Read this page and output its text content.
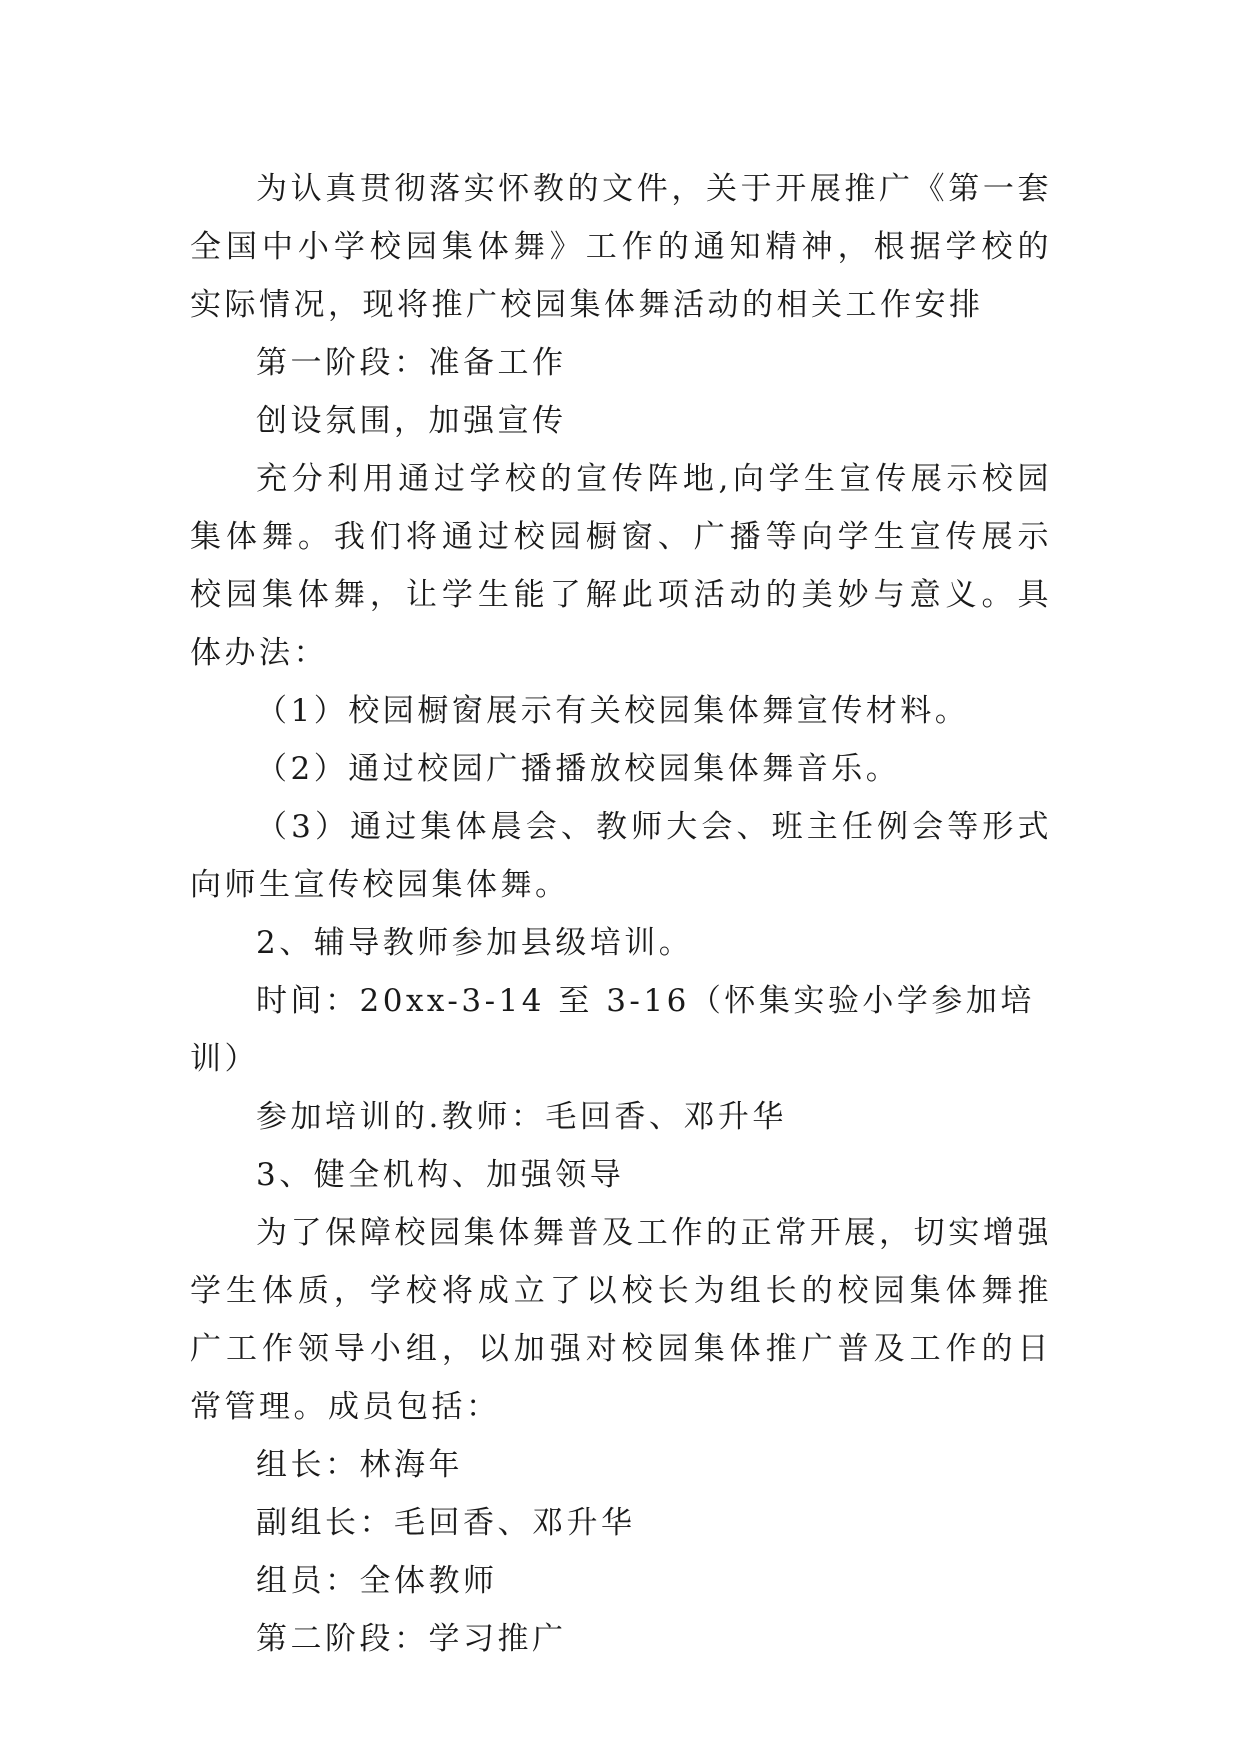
为认真贯彻落实怀教的文件，关于开展推广《第一套全国中小学校园集体舞》工作的通知精神，根据学校的实际情况，现将推广校园集体舞活动的相关工作安排

第一阶段：准备工作

创设氛围，加强宣传

充分利用通过学校的宣传阵地,向学生宣传展示校园集体舞。我们将通过校园橱窗、广播等向学生宣传展示校园集体舞，让学生能了解此项活动的美妙与意义。具体办法：

（1）校园橱窗展示有关校园集体舞宣传材料。

（2）通过校园广播播放校园集体舞音乐。

（3）通过集体晨会、教师大会、班主任例会等形式向师生宣传校园集体舞。

2、辅导教师参加县级培训。

时间：20xx-3-14 至 3-16（怀集实验小学参加培训）

参加培训的.教师：毛回香、邓升华

3、健全机构、加强领导

为了保障校园集体舞普及工作的正常开展，切实增强学生体质，学校将成立了以校长为组长的校园集体舞推广工作领导小组，以加强对校园集体推广普及工作的日常管理。成员包括：

组长：林海年

副组长：毛回香、邓升华

组员：全体教师

第二阶段：学习推广
